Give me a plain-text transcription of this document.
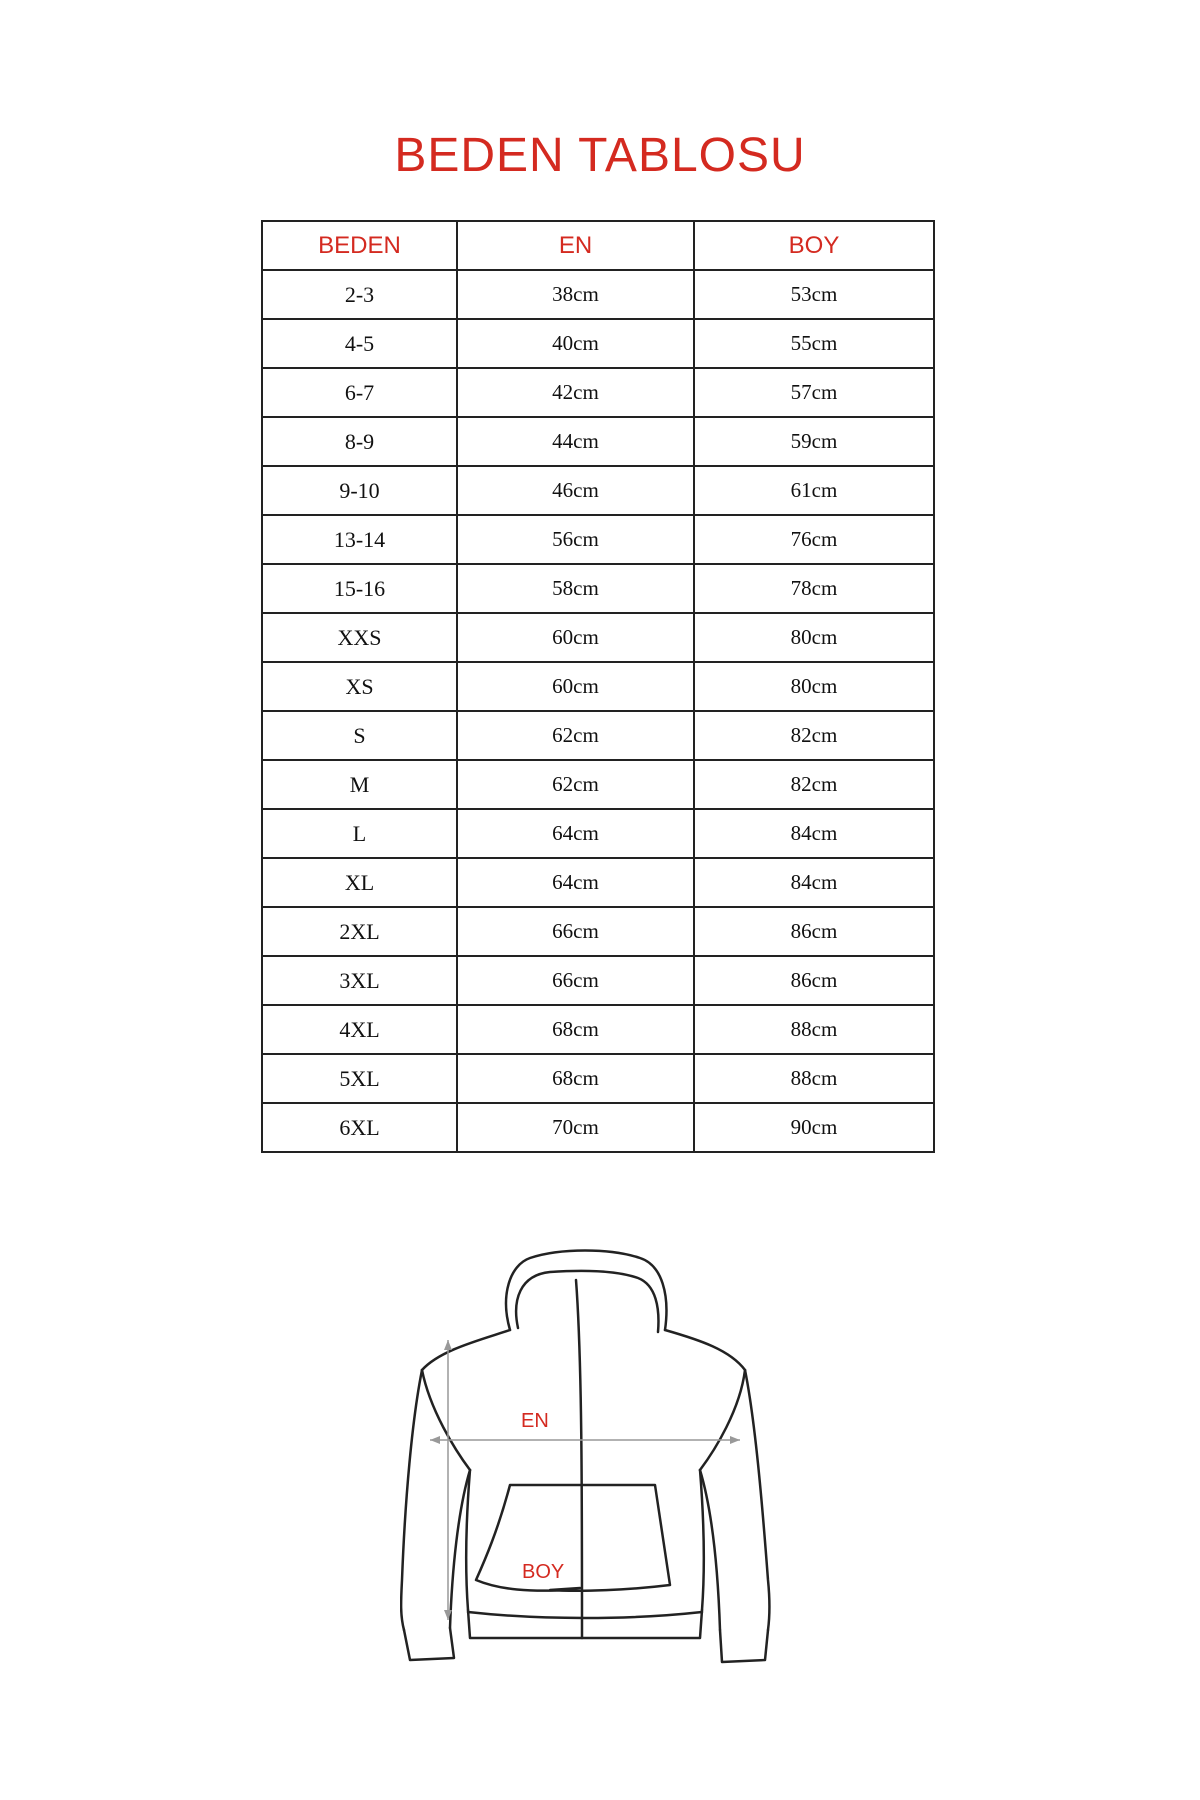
BEDEN TABLOSU
BEDEN	EN	BOY
2-3	38cm	53cm
4-5	40cm	55cm
6-7	42cm	57cm
8-9	44cm	59cm
9-10	46cm	61cm
13-14	56cm	76cm
15-16	58cm	78cm
XXS	60cm	80cm
XS	60cm	80cm
S	62cm	82cm
M	62cm	82cm
L	64cm	84cm
XL	64cm	84cm
2XL	66cm	86cm
3XL	66cm	86cm
4XL	68cm	88cm
5XL	68cm	88cm
6XL	70cm	90cm
EN
BOY
